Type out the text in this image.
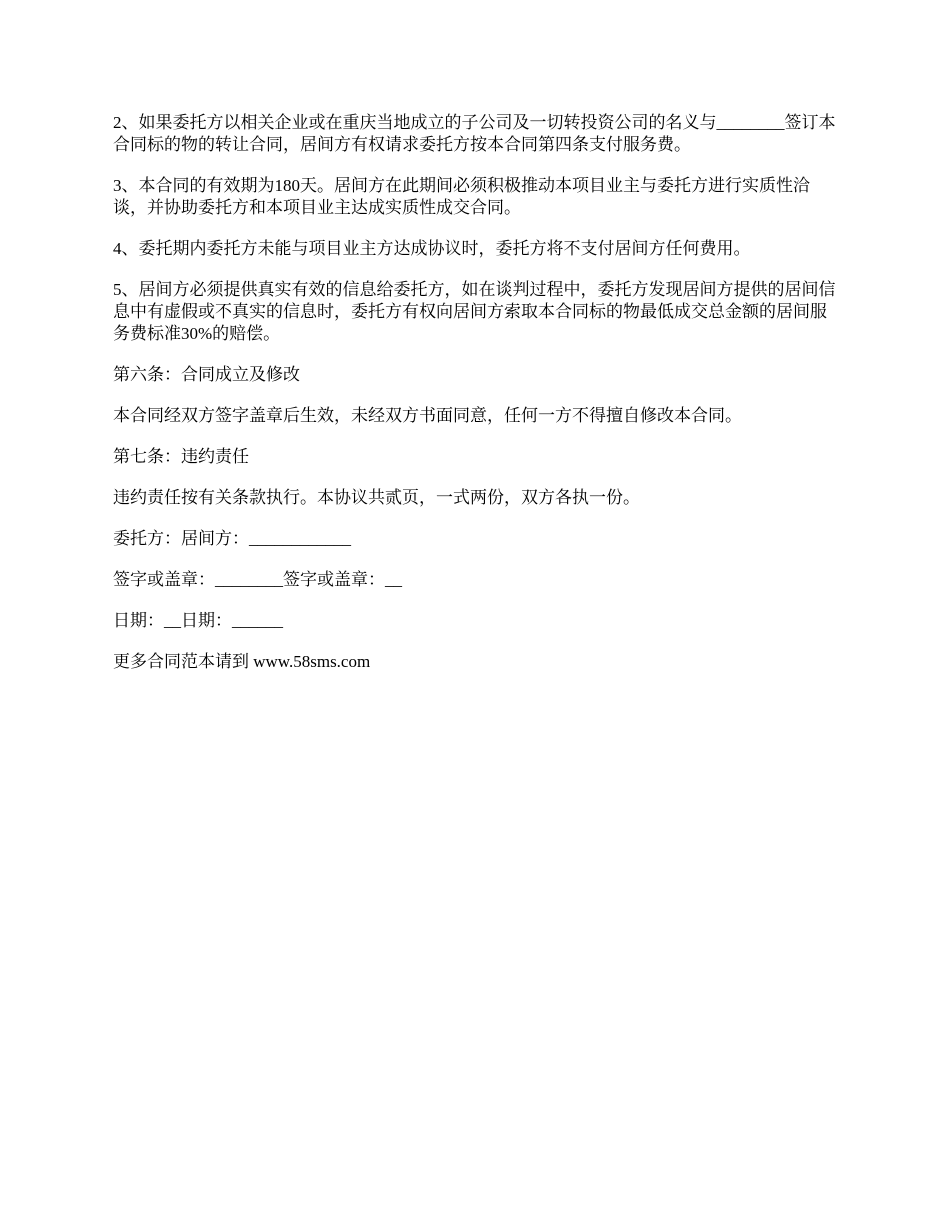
2、如果委托方以相关企业或在重庆当地成立的子公司及一切转投资公司的名义与________签订本合同标的物的转让合同，居间方有权请求委托方按本合同第四条支付服务费。

3、本合同的有效期为180天。居间方在此期间必须积极推动本项目业主与委托方进行实质性洽谈，并协助委托方和本项目业主达成实质性成交合同。

4、委托期内委托方未能与项目业主方达成协议时，委托方将不支付居间方任何费用。

5、居间方必须提供真实有效的信息给委托方，如在谈判过程中，委托方发现居间方提供的居间信息中有虚假或不真实的信息时，委托方有权向居间方索取本合同标的物最低成交总金额的居间服务费标准30%的赔偿。

第六条：合同成立及修改

本合同经双方签字盖章后生效，未经双方书面同意，任何一方不得擅自修改本合同。

第七条：违约责任

违约责任按有关条款执行。本协议共贰页，一式两份，双方各执一份。

委托方：居间方：____________

签字或盖章：________签字或盖章：__

日期：__日期：______

更多合同范本请到 www.58sms.com
